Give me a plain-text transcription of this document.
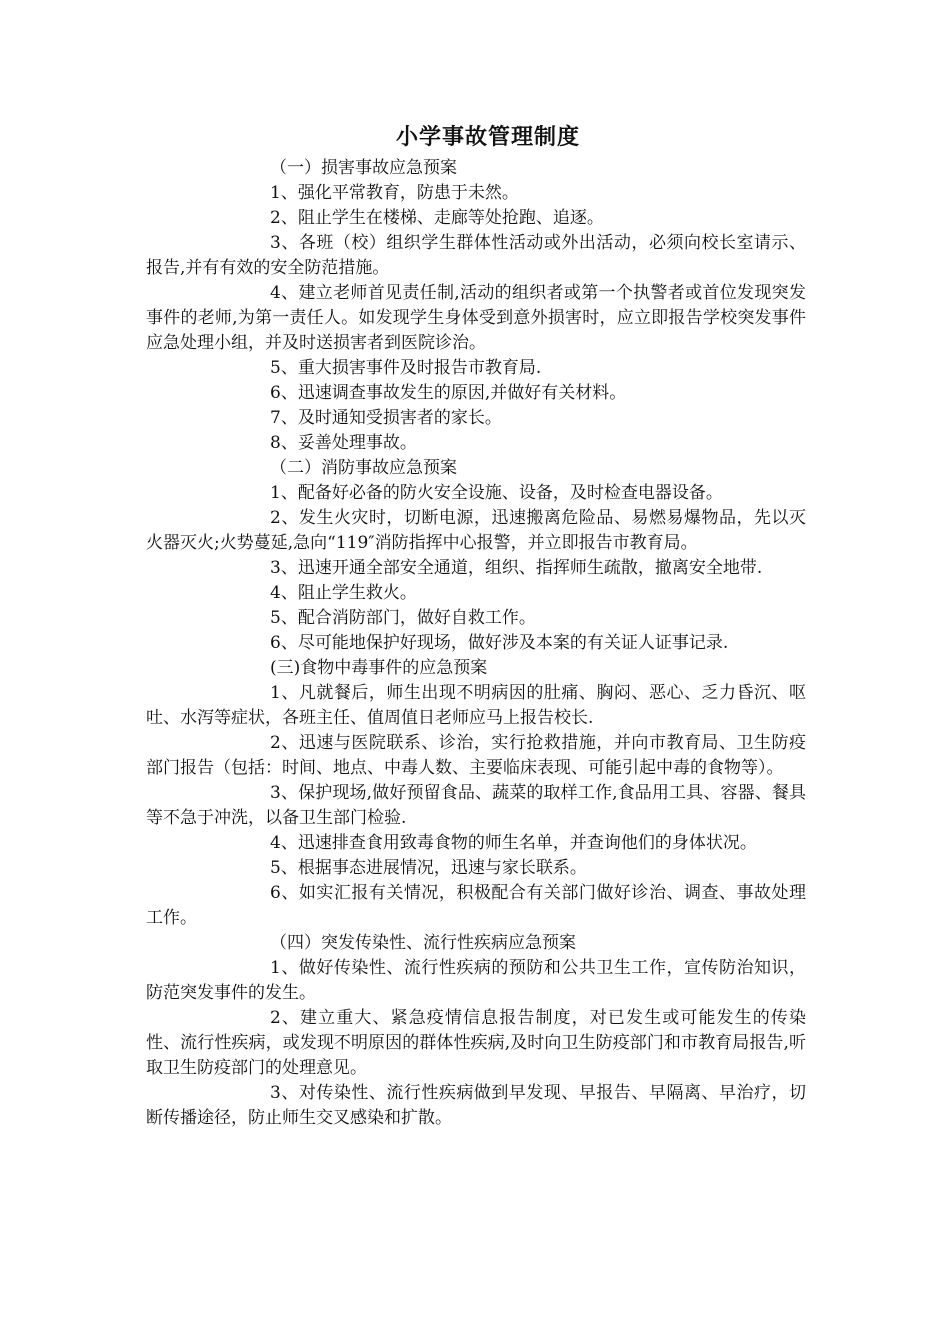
小学事故管理制度
（一）损害事故应急预案

1、强化平常教育，防患于未然。

2、阻止学生在楼梯、走廊等处抢跑、追逐。

3、各班（校）组织学生群体性活动或外出活动，必须向校长室请示、报告,并有有效的安全防范措施。

4、建立老师首见责任制,活动的组织者或第一个执警者或首位发现突发事件的老师,为第一责任人。如发现学生身体受到意外损害时，应立即报告学校突发事件应急处理小组，并及时送损害者到医院诊治。

5、重大损害事件及时报告市教育局.

6、迅速调查事故发生的原因,并做好有关材料。

7、及时通知受损害者的家长。

8、妥善处理事故。

（二）消防事故应急预案

1、配备好必备的防火安全设施、设备，及时检查电器设备。

2、发生火灾时，切断电源，迅速搬离危险品、易燃易爆物品，先以灭火器灭火;火势蔓延,急向“119″消防指挥中心报警，并立即报告市教育局。

3、迅速开通全部安全通道，组织、指挥师生疏散，撤离安全地带.

4、阻止学生救火。

5、配合消防部门，做好自救工作。

6、尽可能地保护好现场，做好涉及本案的有关证人证事记录.

(三)食物中毒事件的应急预案

1、凡就餐后，师生出现不明病因的肚痛、胸闷、恶心、乏力昏沉、呕吐、水泻等症状，各班主任、值周值日老师应马上报告校长.

2、迅速与医院联系、诊治，实行抢救措施，并向市教育局、卫生防疫部门报告（包括：时间、地点、中毒人数、主要临床表现、可能引起中毒的食物等）。

3、保护现场,做好预留食品、蔬菜的取样工作,食品用工具、容器、餐具等不急于冲洗，以备卫生部门检验.

4、迅速排查食用致毒食物的师生名单，并查询他们的身体状况。

5、根据事态进展情况，迅速与家长联系。

6、如实汇报有关情况，积极配合有关部门做好诊治、调查、事故处理工作。

（四）突发传染性、流行性疾病应急预案

1、做好传染性、流行性疾病的预防和公共卫生工作，宣传防治知识，防范突发事件的发生。

2、建立重大、紧急疫情信息报告制度，对已发生或可能发生的传染性、流行性疾病，或发现不明原因的群体性疾病,及时向卫生防疫部门和市教育局报告,听取卫生防疫部门的处理意见。

3、对传染性、流行性疾病做到早发现、早报告、早隔离、早治疗，切断传播途径，防止师生交叉感染和扩散。
